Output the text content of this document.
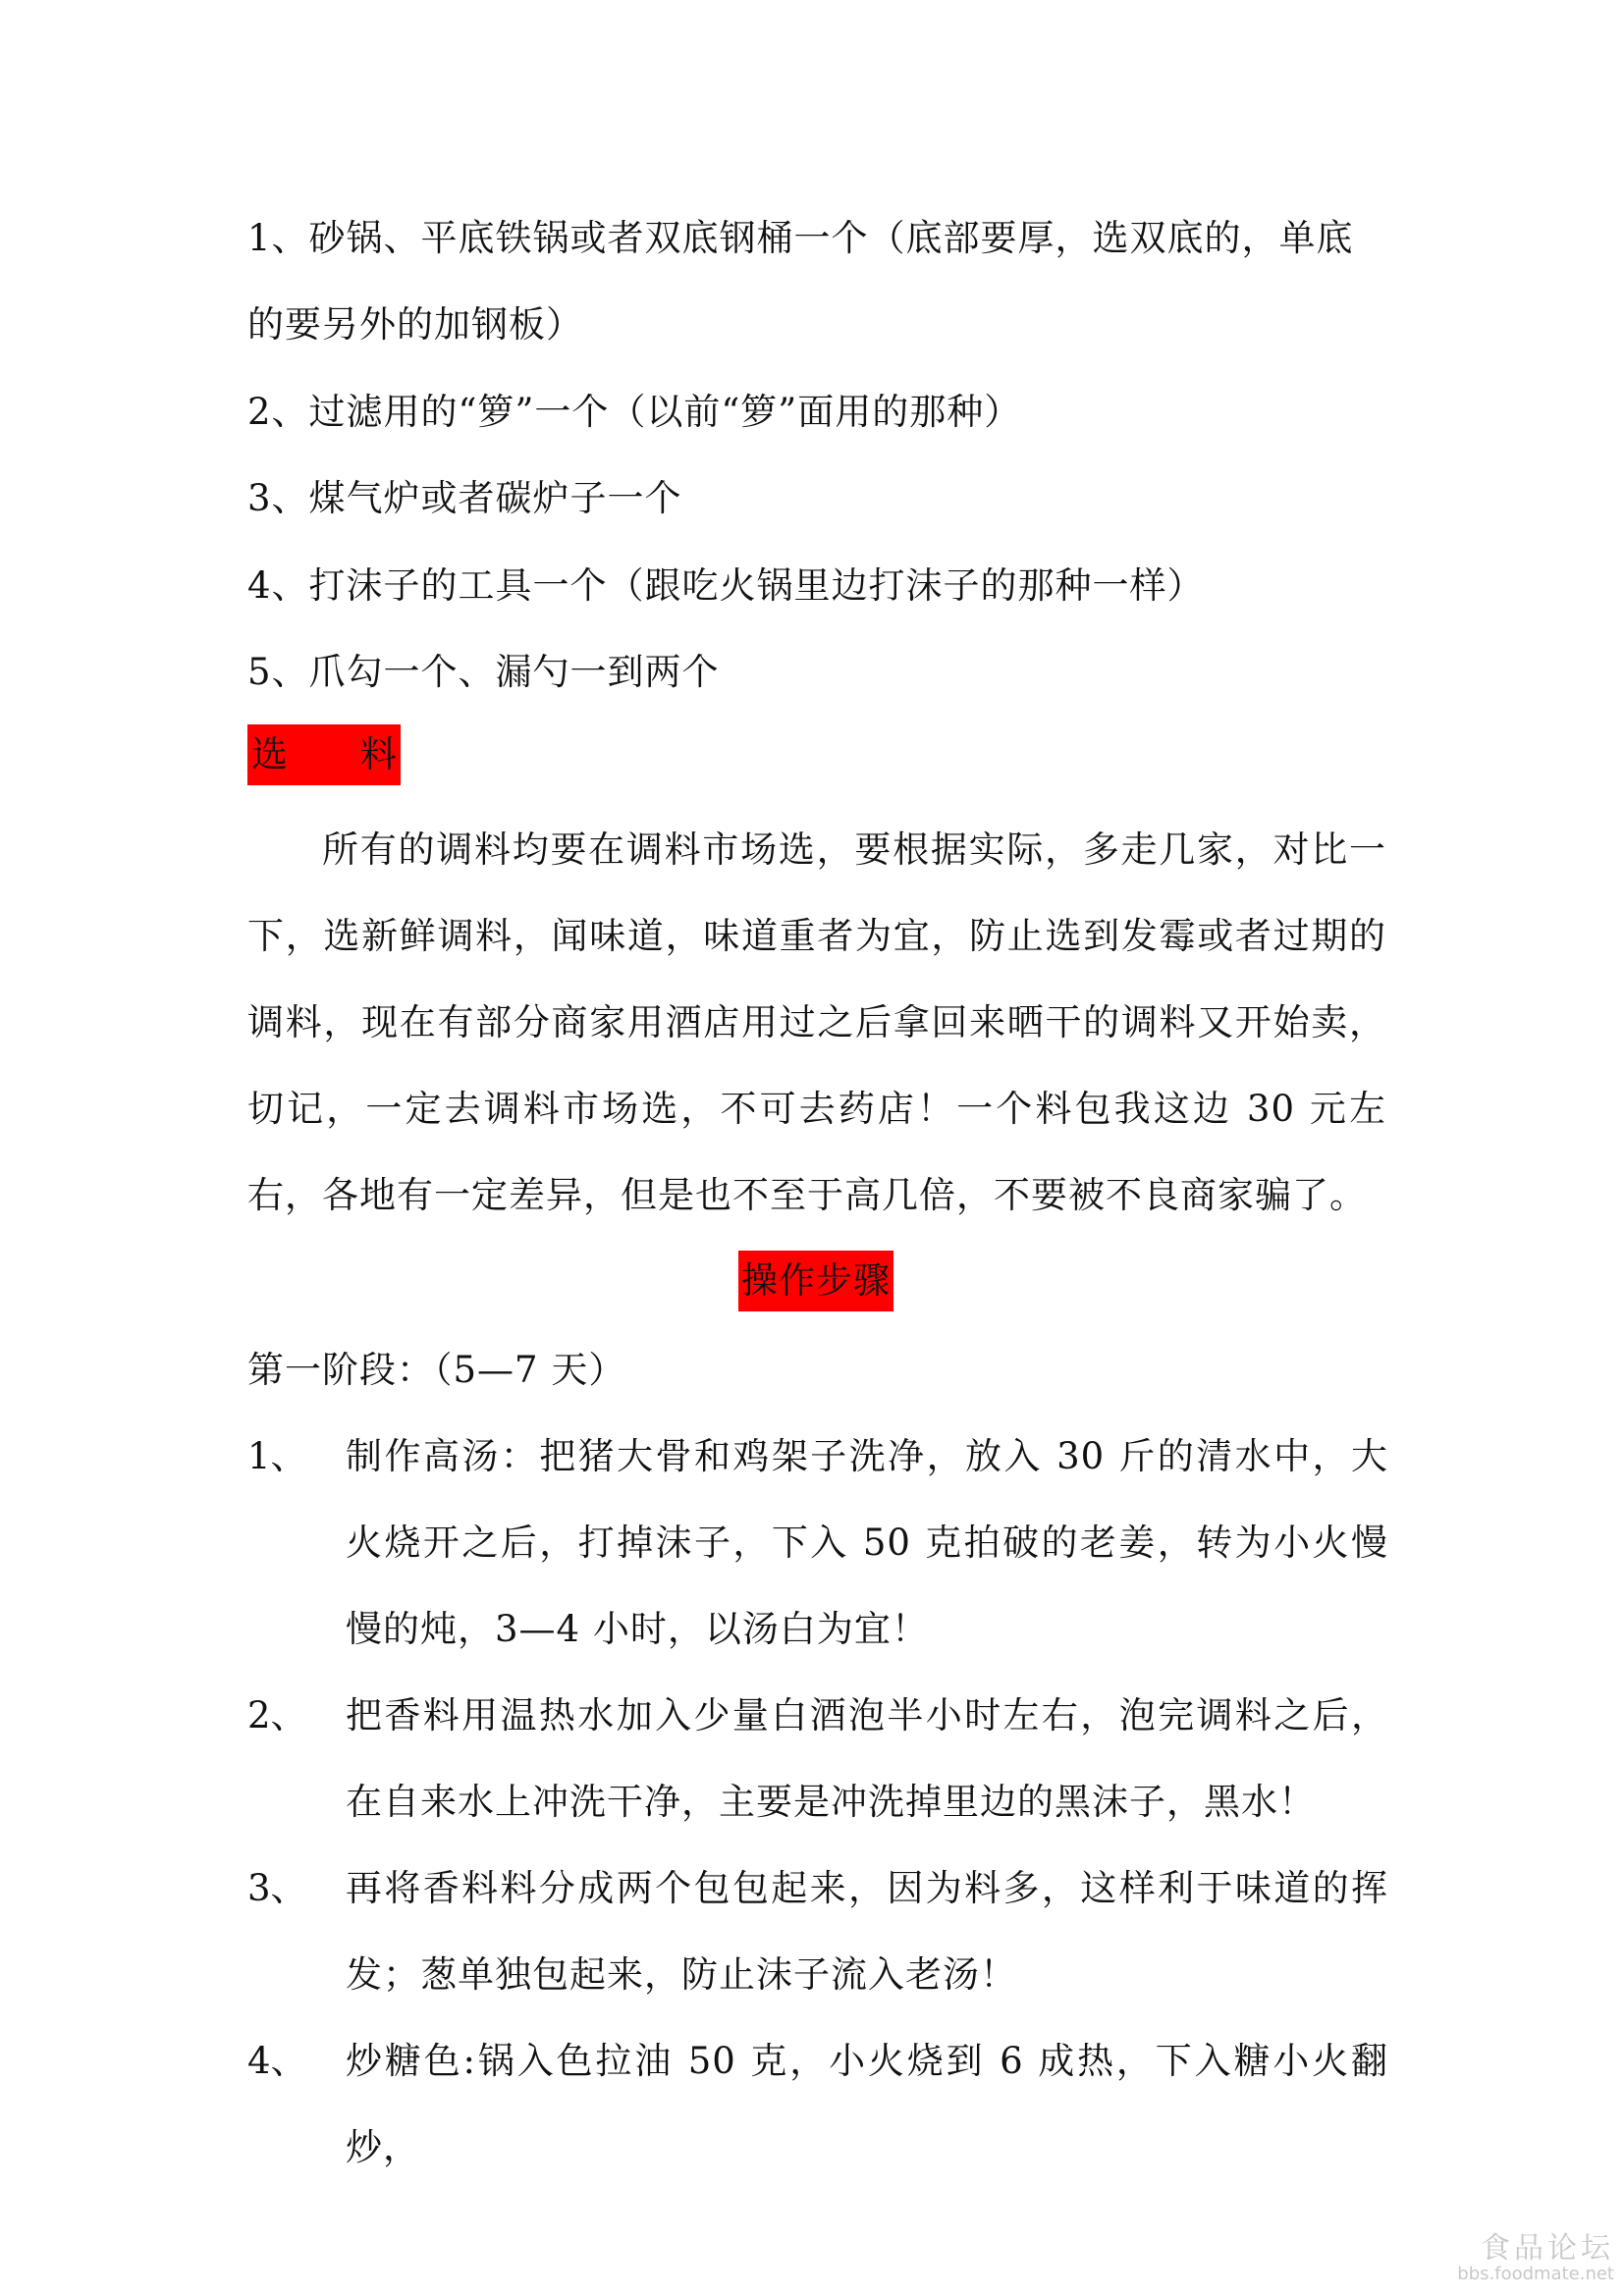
1、砂锅、平底铁锅或者双底钢桶一个（底部要厚，选双底的，单底
的要另外的加钢板）
2、过滤用的“箩”一个（以前“箩”面用的那种）
3、煤气炉或者碳炉子一个
4、打沫子的工具一个（跟吃火锅里边打沫子的那种一样）
5、爪勾一个、漏勺一到两个
选 料
所有的调料均要在调料市场选，要根据实际，多走几家，对比一下，选新鲜调料，闻味道，味道重者为宜，防止选到发霉或者过期的调料，现在有部分商家用酒店用过之后拿回来晒干的调料又开始卖，切记，一定去调料市场选，不可去药店！一个料包我这边 30 元左右，各地有一定差异，但是也不至于高几倍，不要被不良商家骗了。
操作步骤
第一阶段：（5—7 天）
1、 制作高汤：把猪大骨和鸡架子洗净，放入 30 斤的清水中，大火烧开之后，打掉沫子，下入 50 克拍破的老姜，转为小火慢慢的炖，3—4 小时，以汤白为宜！
2、 把香料用温热水加入少量白酒泡半小时左右，泡完调料之后，在自来水上冲洗干净，主要是冲洗掉里边的黑沫子，黑水！
3、 再将香料料分成两个包包起来，因为料多，这样利于味道的挥发；葱单独包起来，防止沫子流入老汤！
4、 炒糖色:锅入色拉油 50 克，小火烧到 6 成热，下入糖小火翻炒，
食品论坛
bbs.foodmate.net
